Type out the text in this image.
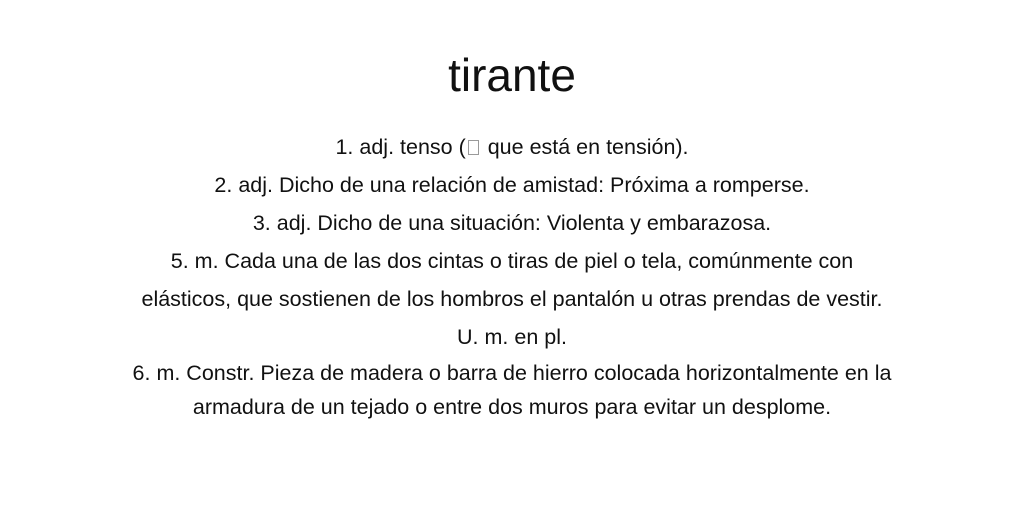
tirante
1. adj. tenso ( que está en tensión).
2. adj. Dicho de una relación de amistad: Próxima a romperse.
3. adj. Dicho de una situación: Violenta y embarazosa.
5. m. Cada una de las dos cintas o tiras de piel o tela, comúnmente con
elásticos, que sostienen de los hombros el pantalón u otras prendas de vestir.
U. m. en pl.
6. m. Constr. Pieza de madera o barra de hierro colocada horizontalmente en la
armadura de un tejado o entre dos muros para evitar un desplome.
